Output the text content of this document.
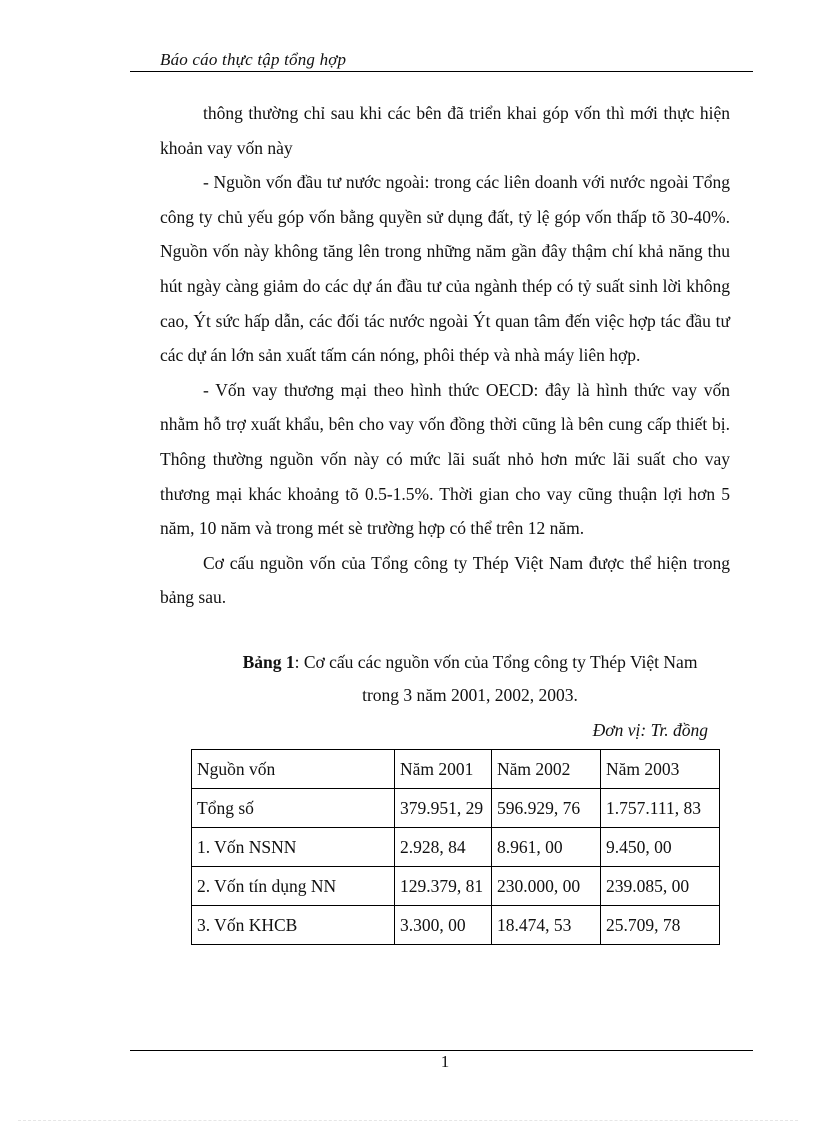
Báo cáo thực tập tổng hợp

thông thường chỉ sau khi các bên đã triển khai góp vốn thì mới thực hiện khoản vay vốn này

- Nguồn vốn đầu tư nước ngoài: trong các liên doanh với nước ngoài Tổng công ty chủ yếu góp vốn bằng quyền sử dụng đất, tỷ lệ góp vốn thấp tõ 30-40%. Nguồn vốn này không tăng lên trong những năm gần đây thậm chí khả năng thu hút ngày càng giảm do các dự án đầu tư của ngành thép có tỷ suất sinh lời không cao, Ýt sức hấp dẫn, các đối tác nước ngoài Ýt quan tâm đến việc hợp tác đầu tư các dự án lớn sản xuất tấm cán nóng, phôi thép và nhà máy liên hợp.

- Vốn vay thương mại theo hình thức OECD: đây là hình thức vay vốn nhằm hỗ trợ xuất khẩu, bên cho vay vốn đồng thời cũng là bên cung cấp thiết bị. Thông thường nguồn vốn này có mức lãi suất nhỏ hơn mức lãi suất cho vay thương mại khác khoảng tõ 0.5-1.5%. Thời gian cho vay cũng thuận lợi hơn 5 năm, 10 năm và trong mét sè trường hợp có thể trên 12 năm.

Cơ cấu nguồn vốn của Tổng công ty Thép Việt Nam được thể hiện trong bảng sau.

Bảng 1: Cơ cấu các nguồn vốn của Tổng công ty Thép Việt Nam
trong 3 năm 2001, 2002, 2003.
Đơn vị: Tr. đồng
Nguồn vốn	Năm 2001	Năm 2002	Năm 2003
Tổng số	379.951, 29	596.929, 76	1.757.111, 83
1. Vốn NSNN	2.928, 84	8.961, 00	9.450, 00
2. Vốn tín dụng NN	129.379, 81	230.000, 00	239.085, 00
3. Vốn KHCB	3.300, 00	18.474, 53	25.709, 78
1
